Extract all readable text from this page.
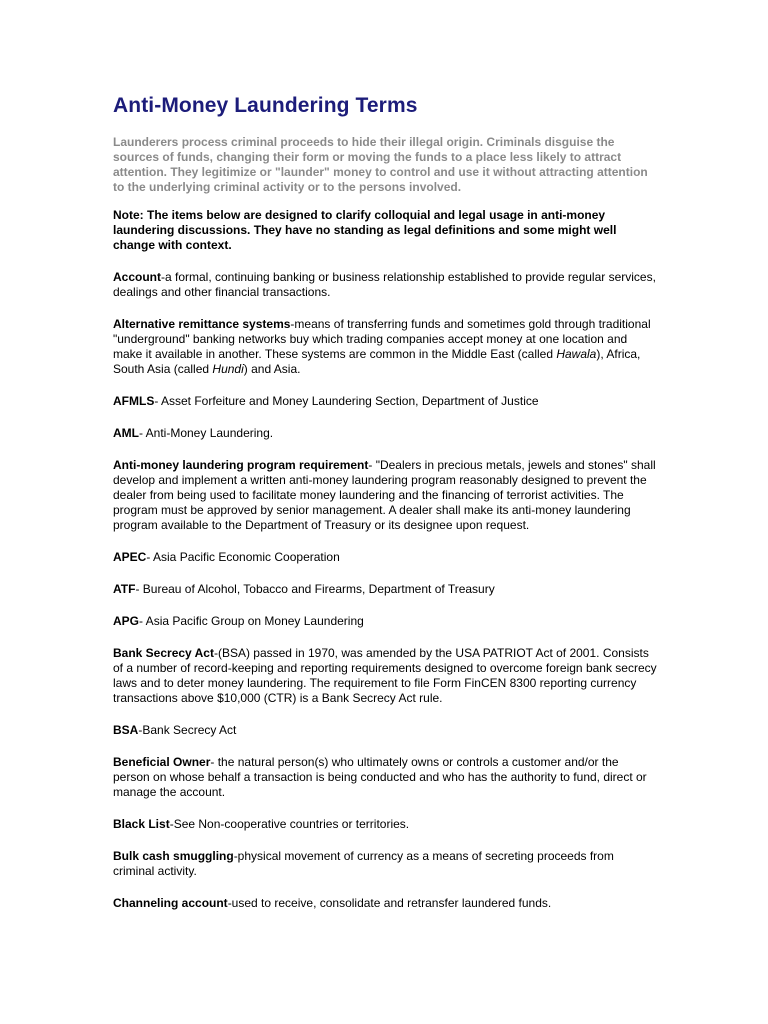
Anti-Money Laundering Terms

Launderers process criminal proceeds to hide their illegal origin. Criminals disguise the sources of funds, changing their form or moving the funds to a place less likely to attract attention. They legitimize or "launder" money to control and use it without attracting attention to the underlying criminal activity or to the persons involved.

Note: The items below are designed to clarify colloquial and legal usage in anti-money laundering discussions. They have no standing as legal definitions and some might well change with context.

Account-a formal, continuing banking or business relationship established to provide regular services, dealings and other financial transactions.

Alternative remittance systems-means of transferring funds and sometimes gold through traditional "underground" banking networks buy which trading companies accept money at one location and make it available in another. These systems are common in the Middle East (called Hawala), Africa, South Asia (called Hundi) and Asia.

AFMLS- Asset Forfeiture and Money Laundering Section, Department of Justice

AML- Anti-Money Laundering.

Anti-money laundering program requirement- "Dealers in precious metals, jewels and stones" shall develop and implement a written anti-money laundering program reasonably designed to prevent the dealer from being used to facilitate money laundering and the financing of terrorist activities. The program must be approved by senior management. A dealer shall make its anti-money laundering program available to the Department of Treasury or its designee upon request.

APEC- Asia Pacific Economic Cooperation

ATF- Bureau of Alcohol, Tobacco and Firearms, Department of Treasury

APG- Asia Pacific Group on Money Laundering

Bank Secrecy Act-(BSA) passed in 1970, was amended by the USA PATRIOT Act of 2001. Consists of a number of record-keeping and reporting requirements designed to overcome foreign bank secrecy laws and to deter money laundering. The requirement to file Form FinCEN 8300 reporting currency transactions above $10,000 (CTR) is a Bank Secrecy Act rule.

BSA-Bank Secrecy Act

Beneficial Owner- the natural person(s) who ultimately owns or controls a customer and/or the person on whose behalf a transaction is being conducted and who has the authority to fund, direct or manage the account.

Black List-See Non-cooperative countries or territories.

Bulk cash smuggling-physical movement of currency as a means of secreting proceeds from criminal activity.

Channeling account-used to receive, consolidate and retransfer laundered funds.
